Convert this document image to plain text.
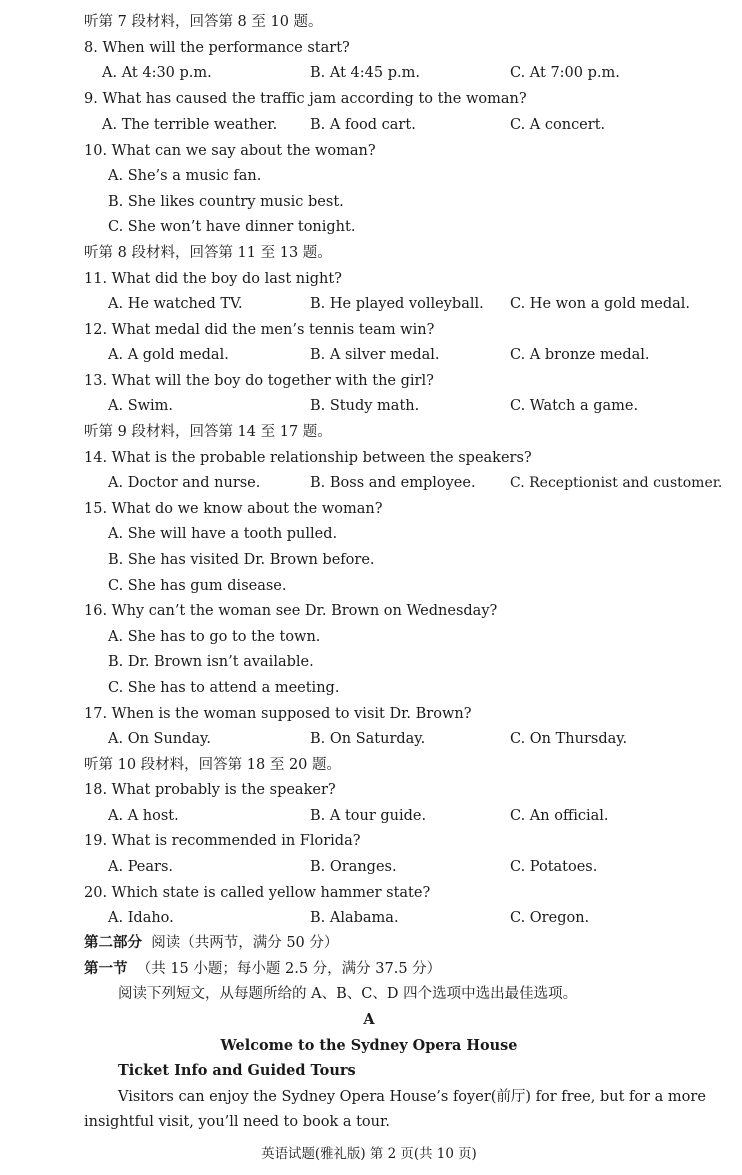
听第 7 段材料，回答第 8 至 10 题。
8. When will the performance start?
A. At 4:30 p.m.	B. At 4:45 p.m.	C. At 7:00 p.m.
9. What has caused the traffic jam according to the woman?
A. The terrible weather. B. A food cart.	C. A concert.
10. What can we say about the woman?
A. She’s a music fan.
B. She likes country music best.
C. She won’t have dinner tonight.
听第 8 段材料，回答第 11 至 13 题。
11. What did the boy do last night?
A. He watched TV.	B. He played volleyball. C. He won a gold medal.
12. What medal did the men’s tennis team win?
A. A gold medal.	B. A silver medal.	C. A bronze medal.
13. What will the boy do together with the girl?
A. Swim.	B. Study math.	C. Watch a game.
听第 9 段材料，回答第 14 至 17 题。
14. What is the probable relationship between the speakers?
A. Doctor and nurse.	B. Boss and employee. C. Receptionist and customer.
15. What do we know about the woman?
A. She will have a tooth pulled.
B. She has visited Dr. Brown before.
C. She has gum disease.
16. Why can’t the woman see Dr. Brown on Wednesday?
A. She has to go to the town.
B. Dr. Brown isn’t available.
C. She has to attend a meeting.
17. When is the woman supposed to visit Dr. Brown?
A. On Sunday.	B. On Saturday.	C. On Thursday.
听第 10 段材料，回答第 18 至 20 题。
18. What probably is the speaker?
A. A host.	B. A tour guide.	C. An official.
19. What is recommended in Florida?
A. Pears.	B. Oranges.	C. Potatoes.
20. Which state is called yellow hammer state?
A. Idaho.	B. Alabama.	C. Oregon.
第二部分 阅读（共两节，满分 50 分）
第一节 （共 15 小题；每小题 2.5 分，满分 37.5 分）
阅读下列短文，从每题所给的 A、B、C、D 四个选项中选出最佳选项。
A
Welcome to the Sydney Opera House
Ticket Info and Guided Tours
Visitors can enjoy the Sydney Opera House’s foyer(前厅) for free, but for a more
insightful visit, you’ll need to book a tour.
英语试题(雅礼版) 第 2 页(共 10 页)
